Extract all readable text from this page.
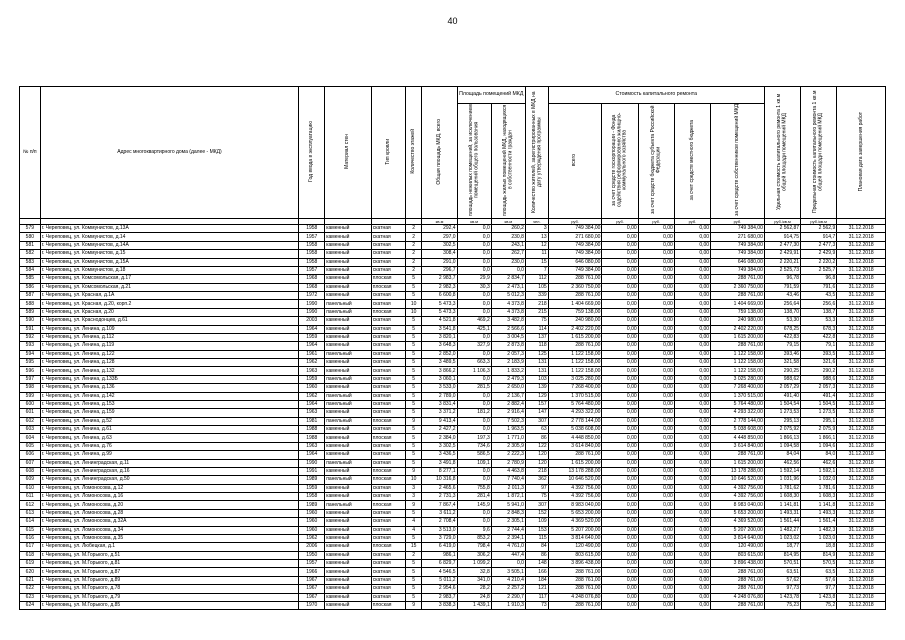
40
№ п/п	Адрес многоквартирного дома (далее - МКД)	Год ввода в эксплуатацию	Материал стен	Тип кровли	Количество этажей	Общая площадь МКД, всего	Площадь помещений МКД		Количество жителей, зарегистрированных в МКД на дату утверждения программы	Стоимость капитального ремонта					Удельная стоимость капитального ремонта 1 кв.м общей площади помещений МКД	Предельная стоимость капитального ремонта 1 кв.м общей площади помещений МКД	Плановая дата завершения работ
							площадь нежилых помещений, за исключением помещений общего пользования	площадь жилых помещений МКД, находящихся в собственности граждан		всего	за счет средств госкорпорации - Фонда содействия реформированию жилищно-коммунального хозяйства	за счет средств бюджета субъекта Российской Федерации	за счет средств местного бюджета	за счет средств собственников помещений МКД			
						кв.м	кв.м	кв.м	чел.	руб.	руб.	руб.	руб.	руб.	руб./кв.м	руб./кв.м	
579	г. Череповец, ул. Коммунистов, д.13А	1958	каменный	скатная	2	292,4	0,0	260,2	3	749 384,00	0,00	0,00	0,00	749 384,00	2 562,87	2 562,9	31.12.2018
580	г. Череповец, ул. Коммунистов, д.14	1957	каменный	скатная	2	297,0	0,0	230,8	13	271 680,00	0,00	0,00	0,00	271 680,00	914,75	914,7	31.12.2018
581	г. Череповец, ул. Коммунистов, д.14А	1958	каменный	скатная	2	302,5	0,0	243,1	12	749 384,00	0,00	0,00	0,00	749 384,00	2 477,30	2 477,3	31.12.2018
582	г. Череповец, ул. Коммунистов, д.15	1958	каменный	скатная	2	308,4	0,0	262,7	11	749 384,00	0,00	0,00	0,00	749 384,00	2 429,91	2 429,9	31.12.2018
583	г. Череповец, ул. Коммунистов, д.15А	1958	каменный	скатная	2	291,0	0,0	230,0	15	646 080,00	0,00	0,00	0,00	646 080,00	2 220,21	2 220,2	31.12.2018
584	г. Череповец, ул. Коммунистов, д.18	1957	каменный	скатная	2	296,7	0,0	0,0	7	749 384,00	0,00	0,00	0,00	749 384,00	2 525,73	2 525,7	31.12.2018
585	г. Череповец, ул. Комсомольская, д.17	1968	каменный	плоская	5	2 983,7	29,9	2 834,7	112	288 761,00	0,00	0,00	0,00	288 761,00	96,78	96,8	31.12.2018
586	г. Череповец, ул. Комсомольская, д.21	1968	каменный	плоская	5	2 982,3	30,3	2 473,1	105	2 360 750,00	0,00	0,00	0,00	2 360 750,00	791,59	791,6	31.12.2018
587	г. Череповец, ул. Красная, д.1А	1972	каменный	скатная	5	6 600,8	0,0	5 012,3	339	288 761,00	0,00	0,00	0,00	288 761,00	43,46	43,5	31.12.2018
588	г. Череповец, ул. Красная, д.20, корп.2	1990	панельный	скатная	10	5 473,3	0,0	4 373,8	218	1 404 669,00	0,00	0,00	0,00	1 404 669,00	256,64	256,6	31.12.2018
589	г. Череповец, ул. Красная, д.20	1990	панельный	плоская	10	5 473,3	0,0	4 373,8	215	759 138,00	0,00	0,00	0,00	759 138,00	138,70	138,7	31.12.2018
590	г. Череповец, ул. Краснодонцев, д.61	2003	каменный	скатная	5	4 521,8	469,2	3 482,8	75	240 980,00	0,00	0,00	0,00	240 980,00	53,30	53,3	31.12.2018
591	г. Череповец, ул. Ленина, д.109	1964	каменный	скатная	5	3 541,8	425,1	2 566,6	114	2 402 220,00	0,00	0,00	0,00	2 402 220,00	678,25	678,3	31.12.2018
592	г. Череповец, ул. Ленина, д.112	1959	каменный	скатная	5	3 820,1	0,0	3 004,5	137	1 615 200,00	0,00	0,00	0,00	1 615 200,00	422,83	422,8	31.12.2018
593	г. Череповец, ул. Ленина, д.119	1964	каменный	скатная	5	3 648,3	327,9	2 873,8	118	288 761,00	0,00	0,00	0,00	288 761,00	79,15	79,1	31.12.2018
594	г. Череповец, ул. Ленина, д.122	1961	панельный	скатная	5	2 852,0	0,0	2 057,3	125	1 122 158,00	0,00	0,00	0,00	1 122 158,00	393,46	393,5	31.12.2018
595	г. Череповец, ул. Ленина, д.128	1962	каменный	скатная	5	3 489,5	663,3	2 183,9	131	1 122 158,00	0,00	0,00	0,00	1 122 158,00	321,58	321,6	31.12.2018
596	г. Череповец, ул. Ленина, д.132	1963	каменный	скатная	5	3 866,2	1 106,3	1 833,2	131	1 122 158,00	0,00	0,00	0,00	1 122 158,00	290,25	290,2	31.12.2018
597	г. Череповец, ул. Ленина, д.133Б	1959	панельный	скатная	5	3 060,1	0,0	2 479,3	103	3 025 280,00	0,00	0,00	0,00	3 025 280,00	988,62	988,6	31.12.2018
598	г. Череповец, ул. Ленина, д.136	1960	каменный	скатная	5	3 533,0	281,5	2 650,0	139	7 268 400,00	0,00	0,00	0,00	7 268 400,00	2 057,29	2 057,3	31.12.2018
599	г. Череповец, ул. Ленина, д.142	1962	панельный	скатная	5	2 789,0	0,0	2 136,7	129	1 370 515,00	0,00	0,00	0,00	1 370 515,00	491,40	491,4	31.12.2018
600	г. Череповец, ул. Ленина, д.153	1964	панельный	скатная	5	3 831,4	0,0	2 882,4	157	5 764 480,00	0,00	0,00	0,00	5 764 480,00	1 504,54	1 504,5	31.12.2018
601	г. Череповец, ул. Ленина, д.159	1963	каменный	скатная	5	3 371,2	181,2	2 916,4	147	4 293 322,00	0,00	0,00	0,00	4 293 322,00	1 273,53	1 273,5	31.12.2018
602	г. Череповец, ул. Ленина, д.52	1981	панельный	плоская	9	9 413,4	0,0	7 502,3	307	2 778 144,00	0,00	0,00	0,00	2 778 144,00	295,13	295,1	31.12.2018
603	г. Череповец, ул. Ленина, д.61	1988	каменный	скатная	5	2 427,2	0,0	1 963,5	63	5 038 608,00	0,00	0,00	0,00	5 038 608,00	2 075,92	2 075,9	31.12.2018
604	г. Череповец, ул. Ленина, д.63	1988	каменный	плоская	5	2 384,0	197,3	1 771,0	86	4 448 850,00	0,00	0,00	0,00	4 448 850,00	1 866,13	1 866,1	31.12.2018
605	г. Череповец, ул. Ленина, д.76	1963	каменный	скатная	5	3 302,5	734,6	2 305,9	122	3 614 840,00	0,00	0,00	0,00	3 614 840,00	1 094,58	1 094,6	31.12.2018
606	г. Череповец, ул. Ленина, д.99	1964	каменный	скатная	5	3 436,5	586,5	2 222,3	120	288 761,00	0,00	0,00	0,00	288 761,00	84,04	84,0	31.12.2018
607	г. Череповец, ул. Ленинградская, д.11	1990	панельный	скатная	5	3 491,8	109,1	2 780,9	120	1 615 200,00	0,00	0,00	0,00	1 615 200,00	462,56	462,6	31.12.2018
608	г. Череповец, ул. Ленинградская, д.16	1991	каменный	плоская	9	8 277,1	0,0	4 463,8	218	13 178 288,00	0,00	0,00	0,00	13 178 288,00	1 592,14	1 592,1	31.12.2018
609	г. Череповец, ул. Ленинградская, д.50	1989	панельный	плоская	10	10 316,8	0,0	7 740,4	362	10 646 520,00	0,00	0,00	0,00	10 646 520,00	1 031,96	1 032,0	31.12.2018
610	г. Череповец, ул. Ломоносова, д.12	1959	каменный	скатная	3	2 465,6	755,8	2 011,3	97	4 392 756,00	0,00	0,00	0,00	4 392 756,00	1 781,62	1 781,6	31.12.2018
611	г. Череповец, ул. Ломоносова, д.16	1958	каменный	скатная	3	2 731,3	281,4	1 872,1	75	4 392 756,00	0,00	0,00	0,00	4 392 756,00	1 608,30	1 608,3	31.12.2018
612	г. Череповец, ул. Ломоносова, д.20	1989	панельный	плоская	9	7 867,4	145,9	5 941,0	307	8 983 040,00	0,00	0,00	0,00	8 983 040,00	1 141,81	1 141,8	31.12.2018
613	г. Череповец, ул. Ломоносова, д.28	1960	каменный	скатная	5	3 611,2	0,0	2 848,3	152	5 653 200,00	0,00	0,00	0,00	5 653 200,00	1 493,31	1 493,3	31.12.2018
614	г. Череповец, ул. Ломоносова, д.32А	1960	каменный	скатная	4	2 708,4	0,0	2 305,1	109	4 369 520,00	0,00	0,00	0,00	4 369 520,00	1 561,44	1 561,4	31.12.2018
615	г. Череповец, ул. Ломоносова, д.34	1960	каменный	скатная	4	3 513,0	9,6	2 744,4	153	5 207 200,00	0,00	0,00	0,00	5 207 200,00	1 482,27	1 482,3	31.12.2018
616	г. Череповец, ул. Ломоносова, д.35	1962	каменный	скатная	5	3 729,0	853,2	2 394,1	115	3 814 640,00	0,00	0,00	0,00	3 814 640,00	1 023,02	1 023,0	31.12.2018
617	г. Череповец, ул. Любецкая, д.1	2006	каменный	плоская	15	6 419,0	798,4	4 761,0	84	120 490,00	0,00	0,00	0,00	120 490,00	18,77	18,8	31.12.2018
618	г. Череповец, ул. М.Горького, д.51	1950	каменный	скатная	2	986,1	306,2	447,4	86	803 615,00	0,00	0,00	0,00	803 615,00	814,95	814,9	31.12.2018
619	г. Череповец, ул. М.Горького, д.81	1957	каменный	скатная	5	6 829,7	1 099,2	0,0	148	3 896 438,00	0,00	0,00	0,00	3 896 438,00	570,51	570,5	31.12.2018
620	г. Череповец, ул. М.Горького, д.87	1966	каменный	скатная	5	4 546,5	32,8	3 505,1	166	288 761,00	0,00	0,00	0,00	288 761,00	63,51	63,5	31.12.2018
621	г. Череповец, ул. М.Горького, д.89	1967	каменный	скатная	5	5 011,2	341,0	4 210,4	184	288 761,00	0,00	0,00	0,00	288 761,00	57,62	57,6	31.12.2018
622	г. Череповец, ул. М.Горького, д.78	1967	каменный	скатная	5	2 954,6	28,2	2 257,2	121	288 761,00	0,00	0,00	0,00	288 761,00	97,73	97,7	31.12.2018
623	г. Череповец, ул. М.Горького, д.79	1967	каменный	скатная	5	2 983,7	24,8	2 290,7	117	4 248 076,80	0,00	0,00	0,00	4 248 076,80	1 423,78	1 423,8	31.12.2018
624	г. Череповец, ул. М.Горького, д.85	1970	каменный	плоская	9	3 838,3	1 439,1	1 910,3	73	288 761,00	0,00	0,00	0,00	288 761,00	75,23	75,2	31.12.2018
